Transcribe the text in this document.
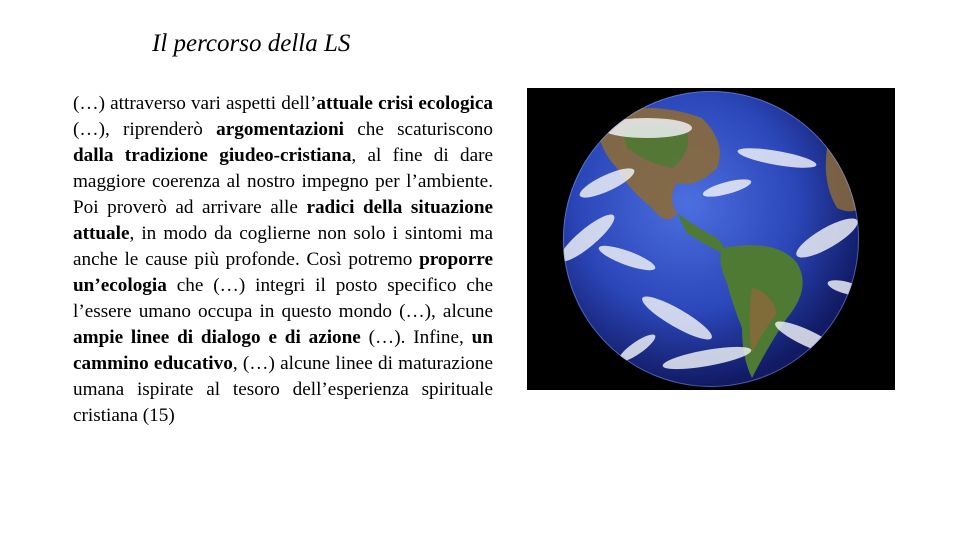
Il percorso della LS

(…) attraverso vari aspetti dell’attuale crisi ecologica (…), riprenderò argomentazioni che scaturiscono dalla tradizione giudeo-cristiana, al fine di dare maggiore coerenza al nostro impegno per l’ambiente. Poi proverò ad arrivare alle radici della situazione attuale, in modo da coglierne non solo i sintomi ma anche le cause più profonde. Così potremo proporre un’ecologia che (…) integri il posto specifico che l’essere umano occupa in questo mondo (…), alcune ampie linee di dialogo e di azione (…). Infine, un cammino educativo, (…) alcune linee di maturazione umana ispirate al tesoro dell’esperienza spirituale cristiana (15)
